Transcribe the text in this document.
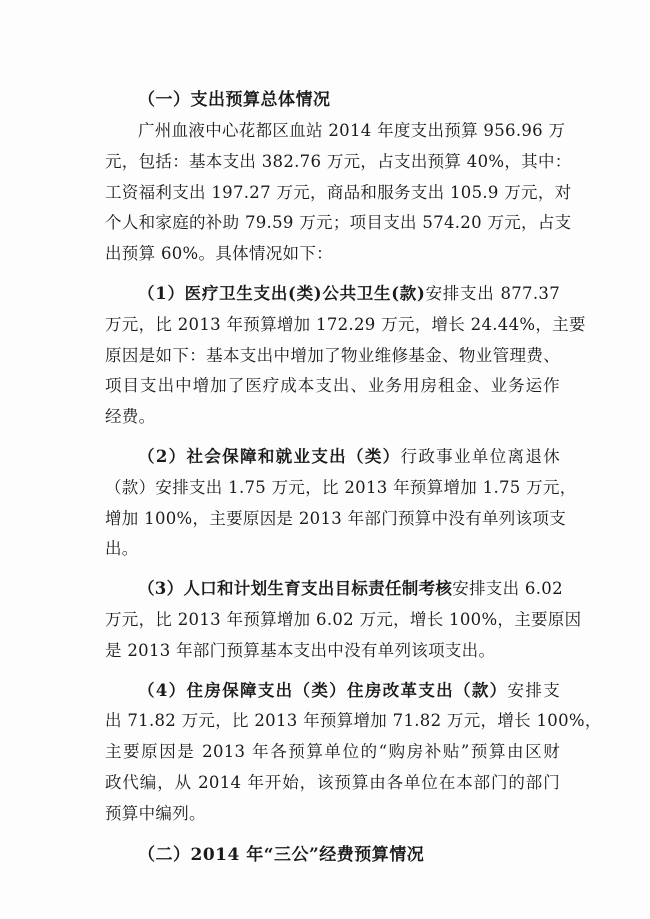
（一）支出预算总体情况
广州血液中心花都区血站 2014 年度支出预算 956.96 万
元，包括：基本支出 382.76 万元，占支出预算 40%，其中：
工资福利支出 197.27 万元，商品和服务支出 105.9 万元，对
个人和家庭的补助 79.59 万元；项目支出 574.20 万元，占支
出预算 60%。具体情况如下：
（1）医疗卫生支出(类)公共卫生(款)安排支出 877.37
万元，比 2013 年预算增加 172.29 万元，增长 24.44%，主要
原因是如下：基本支出中增加了物业维修基金、物业管理费、
项目支出中增加了医疗成本支出、业务用房租金、业务运作
经费。
（2）社会保障和就业支出（类）行政事业单位离退休
（款）安排支出 1.75 万元，比 2013 年预算增加 1.75 万元，
增加 100%，主要原因是 2013 年部门预算中没有单列该项支
出。
（3）人口和计划生育支出目标责任制考核安排支出 6.02
万元，比 2013 年预算增加 6.02 万元，增长 100%，主要原因
是 2013 年部门预算基本支出中没有单列该项支出。
（4）住房保障支出（类）住房改革支出（款）安排支
出 71.82 万元，比 2013 年预算增加 71.82 万元，增长 100%，
主要原因是 2013 年各预算单位的“购房补贴”预算由区财
政代编，从 2014 年开始，该预算由各单位在本部门的部门
预算中编列。
（二）2014 年“三公”经费预算情况
